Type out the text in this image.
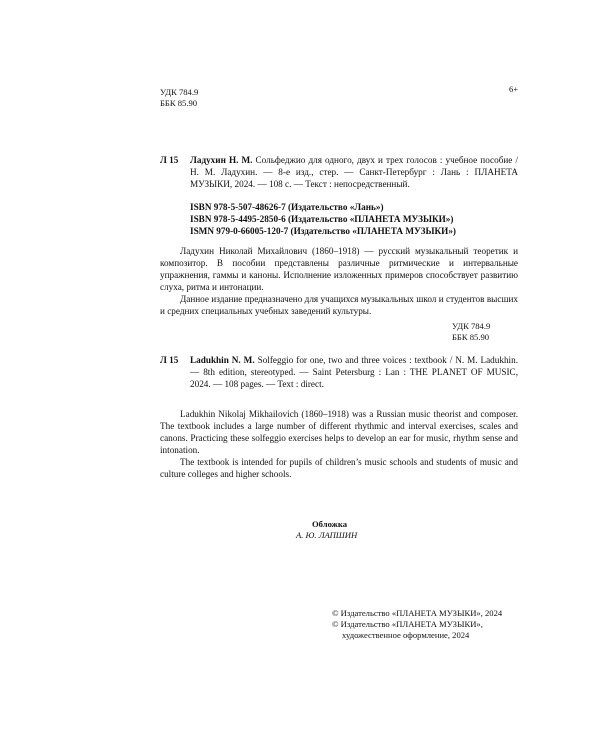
УДК 784.9
ББК 85.90
6+
Л 15	Ладухин Н. М. Сольфеджио для одного, двух и трех голосов : учебное пособие / Н. М. Ладухин. — 8-е изд., стер. — Санкт-Петербург : Лань : ПЛАНЕТА МУЗЫКИ, 2024. — 108 с. — Текст : непосредственный.

ISBN 978-5-507-48626-7 (Издательство «Лань»)

ISBN 978-5-4495-2850-6 (Издательство «ПЛАНЕТА МУЗЫКИ»)

ISMN 979-0-66005-120-7 (Издательство «ПЛАНЕТА МУЗЫКИ»)

Ладухин Николай Михайлович (1860–1918) — русский музыкальный теоретик и композитор. В пособии представлены различные ритмические и интервальные упражнения, гаммы и каноны. Исполнение изложенных примеров способствует развитию слуха, ритма и интонации.

Данное издание предназначено для учащихся музыкальных школ и студентов высших и средних специальных учебных заведений культуры.

УДК 784.9
ББК 85.90
Л 15	Ladukhin N. M. Solfeggio for one, two and three voices : textbook / N. M. Ladukhin. — 8th edition, stereotyped. — Saint Petersburg : Lan : THE PLANET OF MUSIC, 2024. — 108 pages. — Text : direct.

Ladukhin Nikolaj Mikhailovich (1860–1918) was a Russian music theorist and composer. The textbook includes a large number of different rhythmic and interval exercises, scales and canons. Practicing these solfeggio exercises helps to develop an ear for music, rhythm sense and intonation.

The textbook is intended for pupils of children’s music schools and students of music and culture colleges and higher schools.

Обложка
А. Ю. ЛАПШИН
© Издательство «ПЛАНЕТА МУЗЫКИ», 2024
© Издательство «ПЛАНЕТА МУЗЫКИ»,
художественное оформление, 2024
